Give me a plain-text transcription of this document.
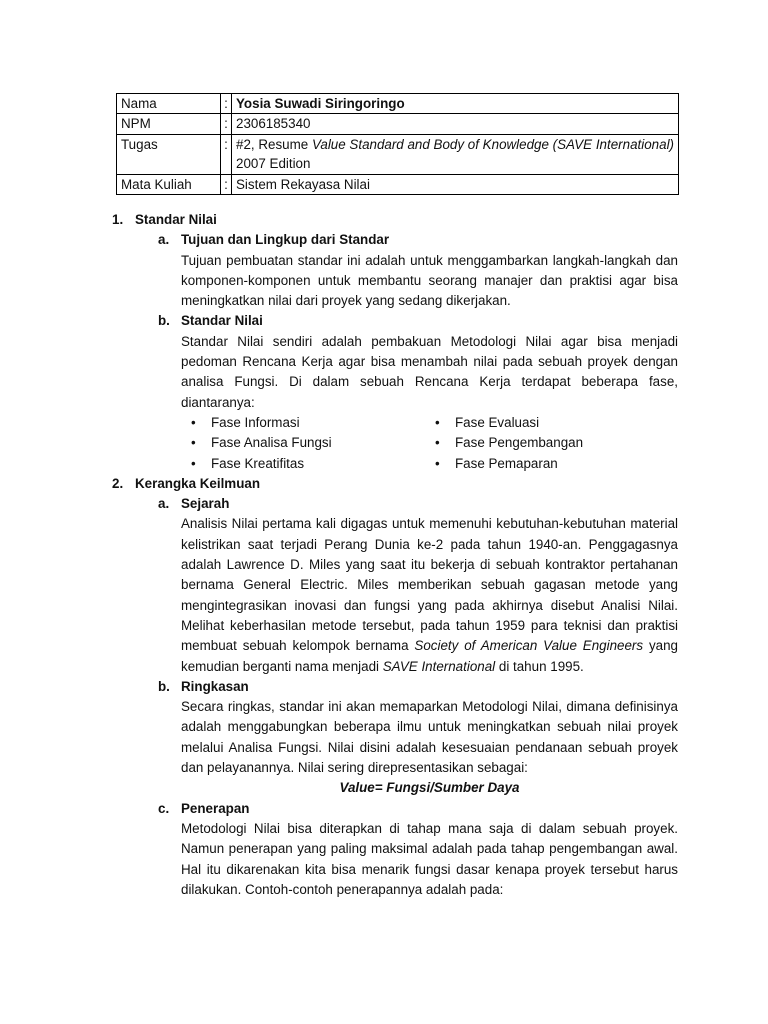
Nama	:	Yosia Suwadi Siringoringo
NPM	:	2306185340
Tugas	:	#2, Resume Value Standard and Body of Knowledge (SAVE International) 2007 Edition
Mata Kuliah	:	Sistem Rekayasa Nilai
1. Standar Nilai
a. Tujuan dan Lingkup dari Standar
Tujuan pembuatan standar ini adalah untuk menggambarkan langkah-langkah dan komponen-komponen untuk membantu seorang manajer dan praktisi agar bisa meningkatkan nilai dari proyek yang sedang dikerjakan.
b. Standar Nilai
Standar Nilai sendiri adalah pembakuan Metodologi Nilai agar bisa menjadi pedoman Rencana Kerja agar bisa menambah nilai pada sebuah proyek dengan analisa Fungsi. Di dalam sebuah Rencana Kerja terdapat beberapa fase, diantaranya:
•	Fase Informasi	•	Fase Evaluasi
•	Fase Analisa Fungsi	•	Fase Pengembangan
•	Fase Kreatifitas	•	Fase Pemaparan
2. Kerangka Keilmuan
a. Sejarah
Analisis Nilai pertama kali digagas untuk memenuhi kebutuhan-kebutuhan material kelistrikan saat terjadi Perang Dunia ke-2 pada tahun 1940-an. Penggagasnya adalah Lawrence D. Miles yang saat itu bekerja di sebuah kontraktor pertahanan bernama General Electric. Miles memberikan sebuah gagasan metode yang mengintegrasikan inovasi dan fungsi yang pada akhirnya disebut Analisi Nilai. Melihat keberhasilan metode tersebut, pada tahun 1959 para teknisi dan praktisi membuat sebuah kelompok bernama Society of American Value Engineers yang kemudian berganti nama menjadi SAVE International di tahun 1995.
b. Ringkasan
Secara ringkas, standar ini akan memaparkan Metodologi Nilai, dimana definisinya adalah menggabungkan beberapa ilmu untuk meningkatkan sebuah nilai proyek melalui Analisa Fungsi. Nilai disini adalah kesesuaian pendanaan sebuah proyek dan pelayanannya. Nilai sering direpresentasikan sebagai:
Value= Fungsi/Sumber Daya
c. Penerapan
Metodologi Nilai bisa diterapkan di tahap mana saja di dalam sebuah proyek. Namun penerapan yang paling maksimal adalah pada tahap pengembangan awal. Hal itu dikarenakan kita bisa menarik fungsi dasar kenapa proyek tersebut harus dilakukan. Contoh-contoh penerapannya adalah pada:
